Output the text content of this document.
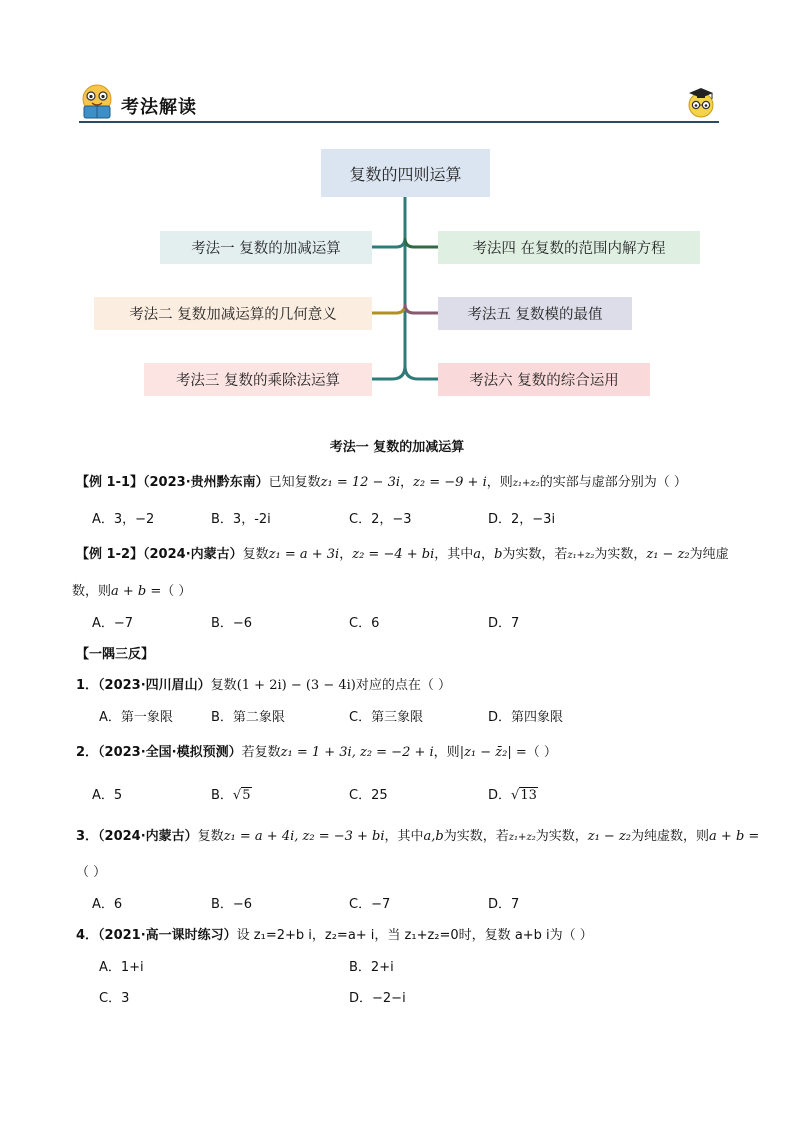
考法解读
复数的四则运算
考法一 复数的加减运算
考法二 复数加减运算的几何意义
考法三 复数的乘除法运算
考法四 在复数的范围内解方程
考法五 复数模的最值
考法六 复数的综合运用
考法一 复数的加减运算
【例 1-1】（2023·贵州黔东南）已知复数z₁ = 12 − 3i，z₂ = −9 + i，则z₁+z₂的实部与虚部分别为（ ）
A．3，−2	B．3，-2i	C．2，−3	D．2，−3i
【例 1-2】（2024·内蒙古）复数z₁ = a + 3i，z₂ = −4 + bi，其中a，b为实数，若z₁+z₂为实数，z₁ − z₂为纯虚
数，则a + b =（ ）
A．−7	B．−6	C．6	D．7
【一隅三反】
1．（2023·四川眉山）复数(1 + 2i) − (3 − 4i)对应的点在（ ）
A．第一象限	B．第二象限	C．第三象限	D．第四象限
2．（2023·全国·模拟预测）若复数z₁ = 1 + 3i, z₂ = −2 + i，则|z₁ − z̄₂| =（ ）
A．5	B．√5	C．25	D．√13
3．（2024·内蒙古）复数z₁ = a + 4i, z₂ = −3 + bi，其中a,b为实数，若z₁+z₂为实数，z₁ − z₂为纯虚数，则a + b =
（ ）
A．6	B．−6	C．−7	D．7
4．（2021·高一课时练习）设 z₁=2+b i，z₂=a+ i，当 z₁+z₂=0时，复数 a+b i为（ ）
A．1+i	B．2+i
C．3	D．−2−i
